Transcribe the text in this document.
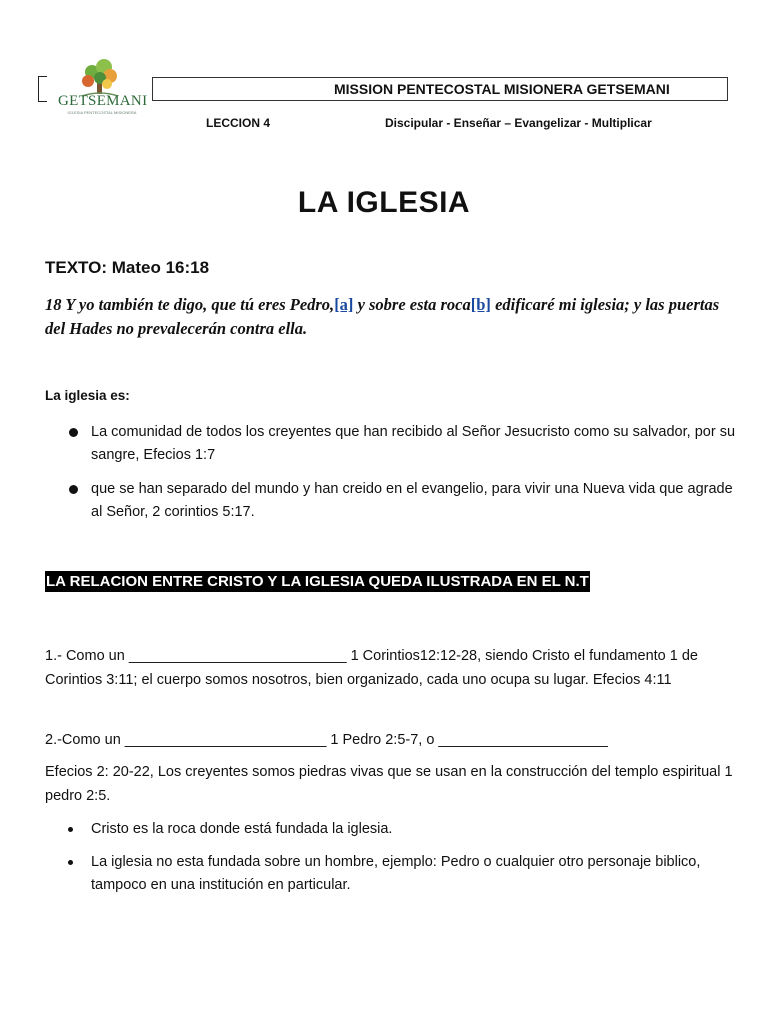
GETSEMANI
IGLESIA PENTECOSTAL MISIONERA
MISSION PENTECOSTAL MISIONERA GETSEMANI
LECCION 4	Discipular - Enseñar – Evangelizar - Multiplicar
LA IGLESIA
TEXTO: Mateo 16:18
18 Y yo también te digo, que tú eres Pedro,[a] y sobre esta roca[b] edificaré mi iglesia; y las puertas del Hades no prevalecerán contra ella.
La iglesia es:
La comunidad de todos los creyentes que han recibido al Señor Jesucristo como su salvador, por su sangre, Efecios 1:7
que se han separado del mundo y han creido en el evangelio, para vivir una Nueva vida que agrade al Señor, 2 corintios 5:17.
LA RELACION ENTRE CRISTO Y LA IGLESIA QUEDA ILUSTRADA EN EL N.T
1.- Como un ___________________________ 1 Corintios12:12-28, siendo Cristo el fundamento 1 de Corintios 3:11; el cuerpo somos nosotros, bien organizado, cada uno ocupa su lugar. Efecios 4:11
2.-Como un _________________________ 1 Pedro 2:5-7, o _____________________
Efecios 2: 20-22, Los creyentes somos piedras vivas que se usan en la construcción del templo espiritual 1 pedro 2:5.
Cristo es la roca donde está fundada la iglesia.
La iglesia no esta fundada sobre un hombre, ejemplo: Pedro o cualquier otro personaje biblico, tampoco en una institución en particular.
